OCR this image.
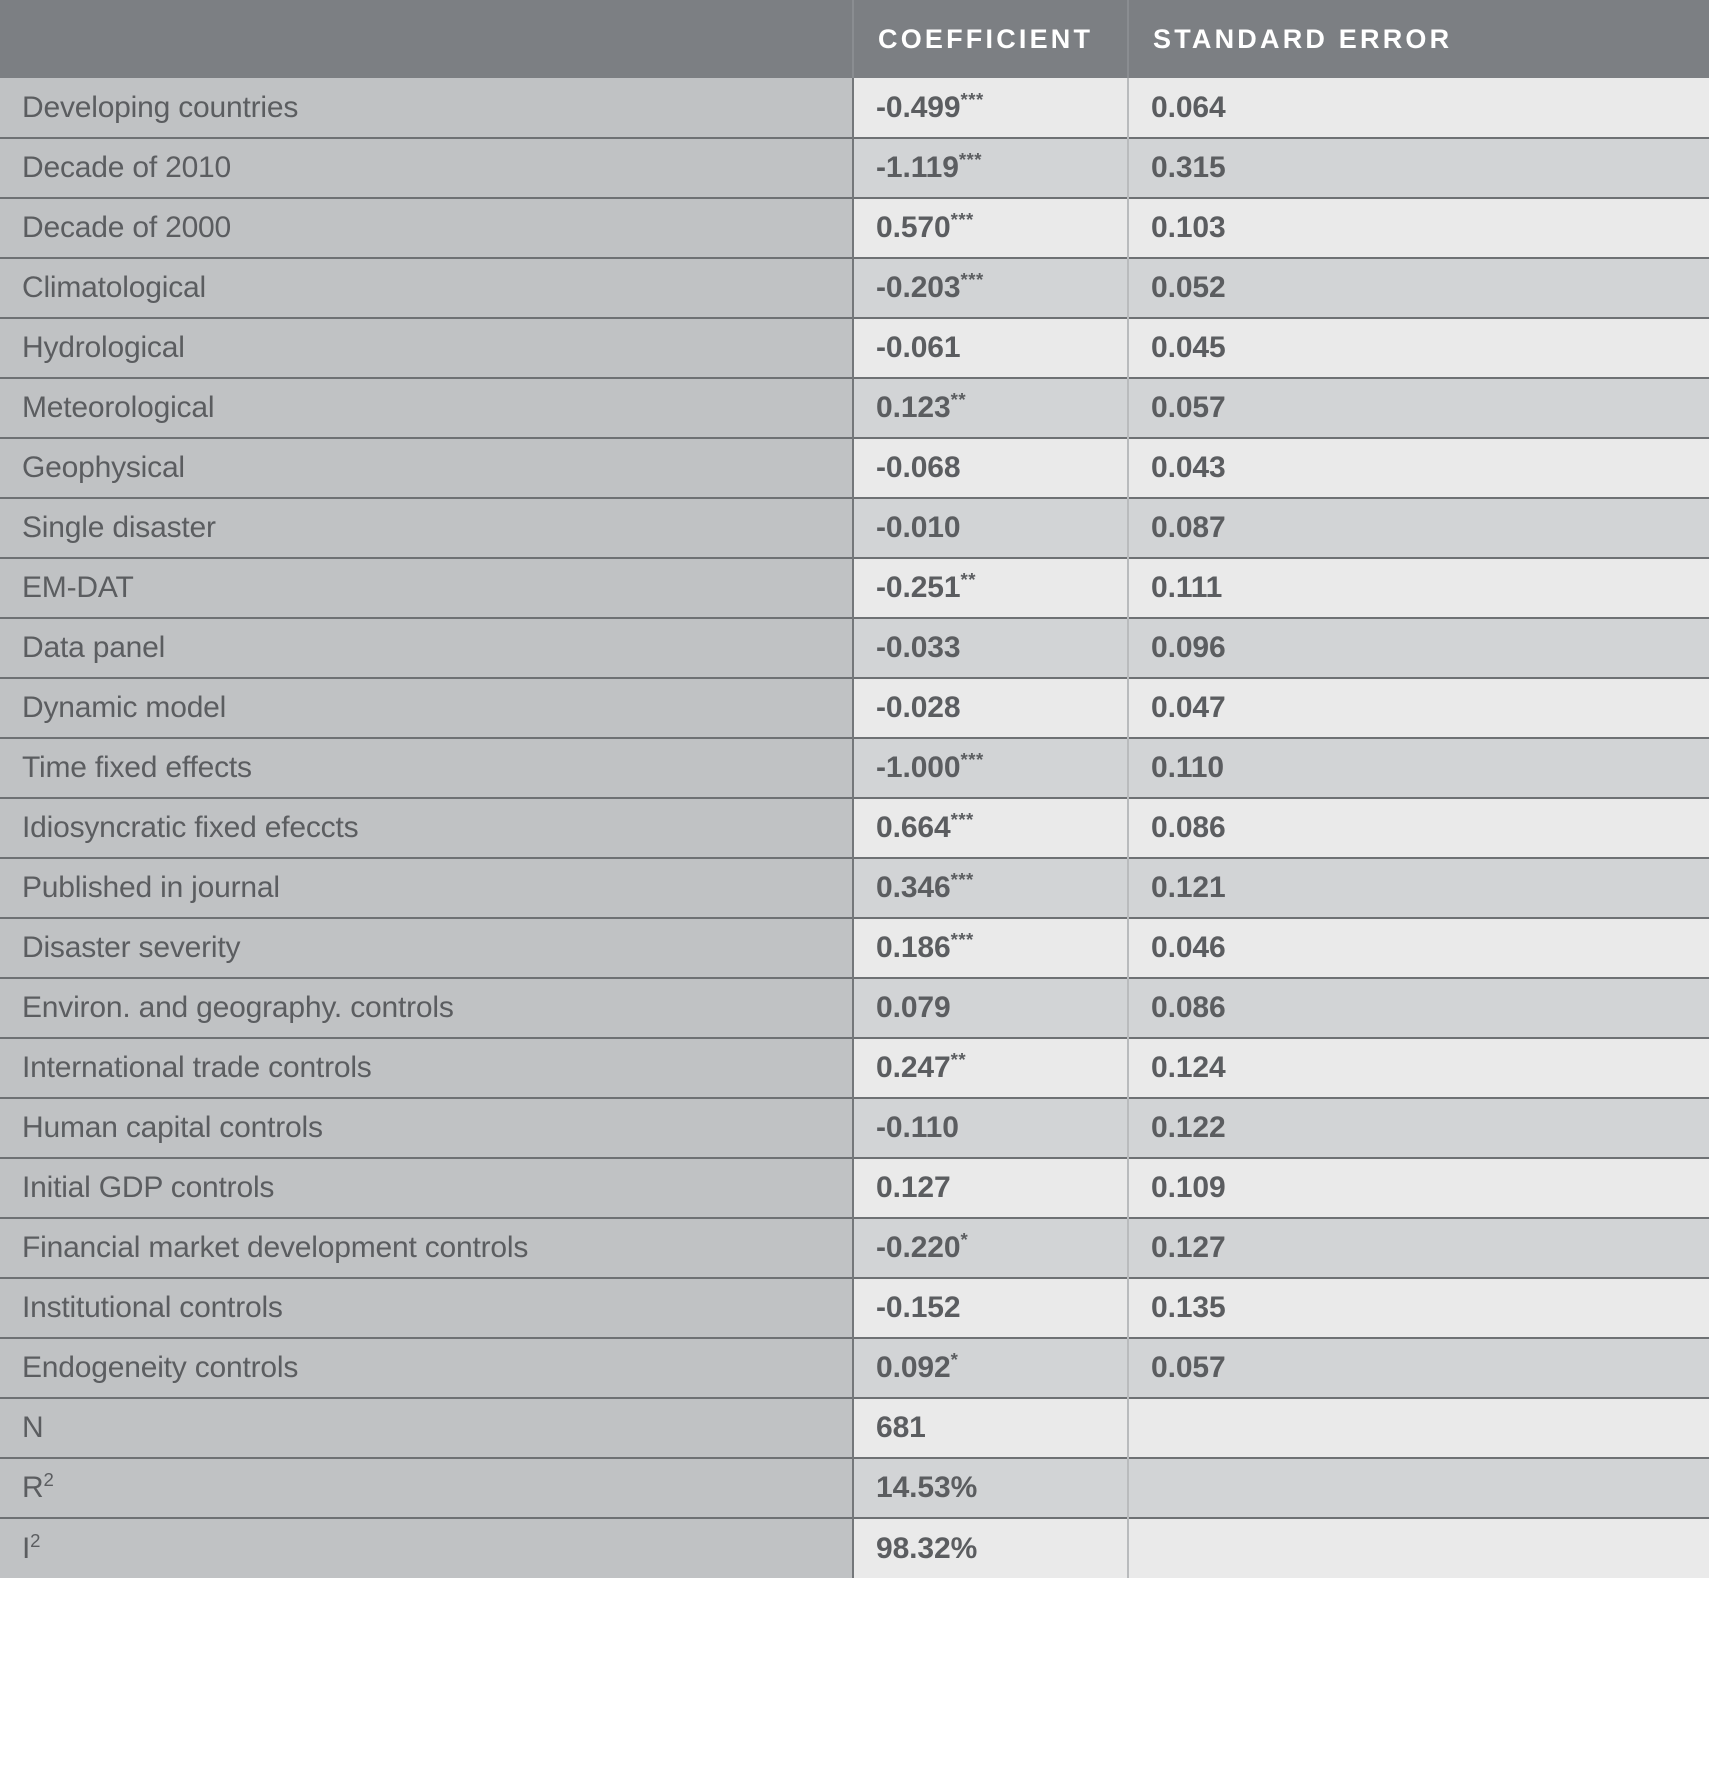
	COEFFICIENT	STANDARD ERROR
Developing countries	-0.499***	0.064
Decade of 2010	-1.119***	0.315
Decade of 2000	0.570***	0.103
Climatological	-0.203***	0.052
Hydrological	-0.061	0.045
Meteorological	0.123**	0.057
Geophysical	-0.068	0.043
Single disaster	-0.010	0.087
EM-DAT	-0.251**	0.111
Data panel	-0.033	0.096
Dynamic model	-0.028	0.047
Time fixed effects	-1.000***	0.110
Idiosyncratic fixed efeccts	0.664***	0.086
Published in journal	0.346***	0.121
Disaster severity	0.186***	0.046
Environ. and geography. controls	0.079	0.086
International trade controls	0.247**	0.124
Human capital controls	-0.110	0.122
Initial GDP controls	0.127	0.109
Financial market development controls	-0.220*	0.127
Institutional controls	-0.152	0.135
Endogeneity controls	0.092*	0.057
N	681	
$R^2$	14.53%	
$I^2$	98.32%	
